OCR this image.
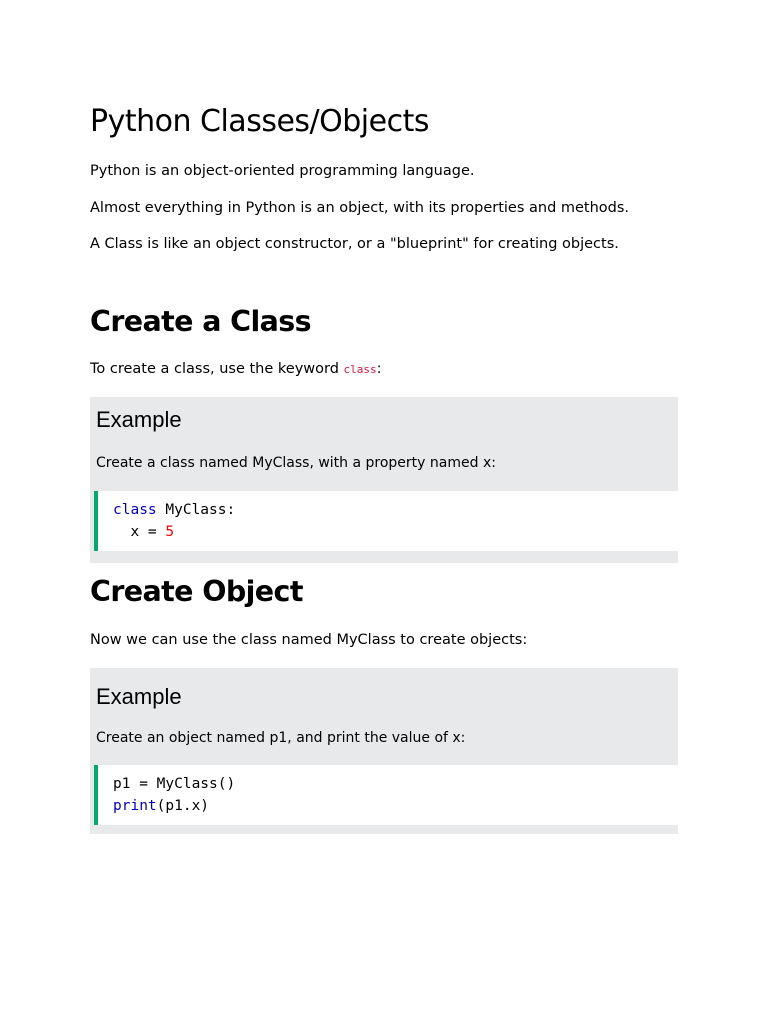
Python Classes/Objects

Python is an object-oriented programming language.

Almost everything in Python is an object, with its properties and methods.

A Class is like an object constructor, or a "blueprint" for creating objects.

Create a Class

To create a class, use the keyword class:

Example

Create a class named MyClass, with a property named x:

class MyClass:
x = 5
Create Object

Now we can use the class named MyClass to create objects:

Example

Create an object named p1, and print the value of x:

p1 = MyClass()
print(p1.x)
